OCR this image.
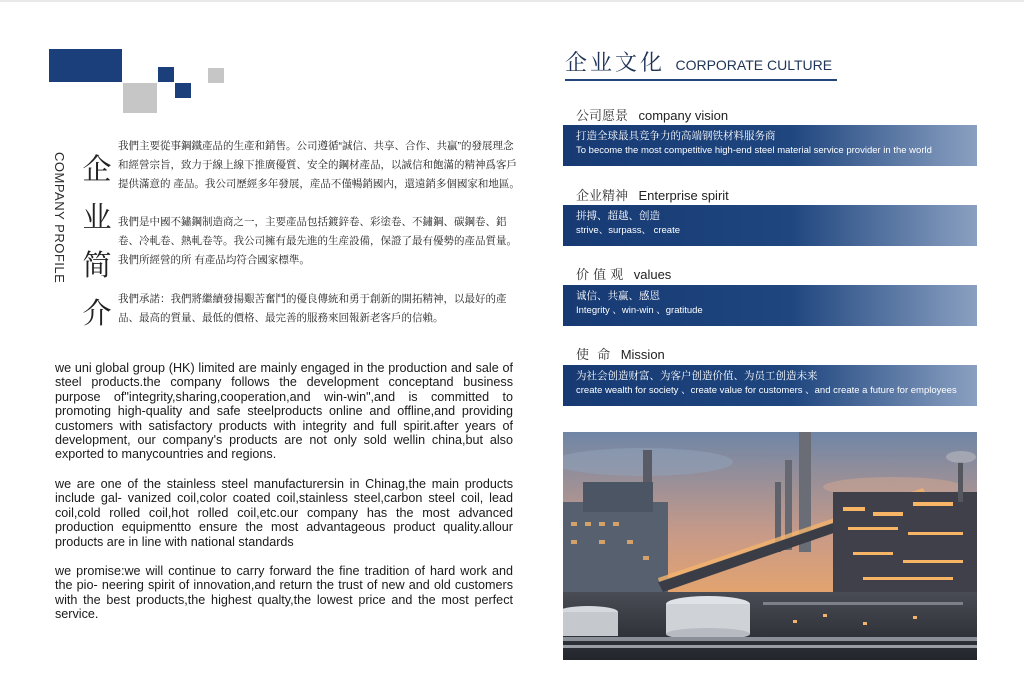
COMPANY PROFILE 企
业
简
介
我們主要從事鋼鐵產品的生產和銷售。公司遵循“誠信、共享、合作、共贏”的發展理念和經營宗旨，致力于線上線下推廣優質、安全的鋼材產品，以誠信和飽滿的精神爲客戶提供滿意的 產品。我公司歷經多年發展，産品不僅暢銷國内，還遠銷多個國家和地區。
我們是中國不鏽鋼制造商之一，主要產品包括鍍鋅卷、彩塗卷、不鏽鋼、碳鋼卷、鋁卷、冷軋卷、熱軋卷等。我公司擁有最先進的生産設備，保證了最有優勢的產品質量。我們所經營的所 有產品均符合國家標準。
我們承諾：我們將繼續發揚艱苦奮鬥的優良傳統和勇于創新的開拓精神，以最好的產品、最高的質量、最低的價格、最完善的服務來回報新老客戶的信賴。
we uni global group (HK) limited are mainly engaged in the production and sale of steel products.the company follows the development conceptand business purpose of"integrity,sharing,cooperation,and win-win",and is committed to promoting high-quality and safe steelproducts online and offline,and providing customers with satisfactory products with integrity and full spirit.after years of development, our company's products are not only sold wellin china,but also exported to manycountries and regions.
we are one of the stainless steel manufacturersin in Chinag,the main products include gal- vanized coil,color coated coil,stainless steel,carbon steel coil, lead coil,cold rolled coil,hot rolled coil,etc.our company has the most advanced production equipmentto ensure the most advantageous product quality.allour products are in line with national standards
we promise:we will continue to carry forward the fine tradition of hard work and the pio- neering spirit of innovation,and return the trust of new and old customers with the best products,the highest qualty,the lowest price and the most perfect service.
企业文化 CORPORATE CULTURE
公司愿景 company vision
打造全球最具竞争力的高端钢铁材料服务商
To become the most competitive high-end steel material service provider in the world
企业精神 Enterprise spirit
拼搏、超越、创造
strive、surpass、 create
价 值 观 values
诚信、共赢、感恩
Integrity 、win-win 、gratitude
使  命 Mission
为社会创造财富、为客户创造价值、为员工创造未来
create wealth for society 、create value for customers 、and create a future for employees
